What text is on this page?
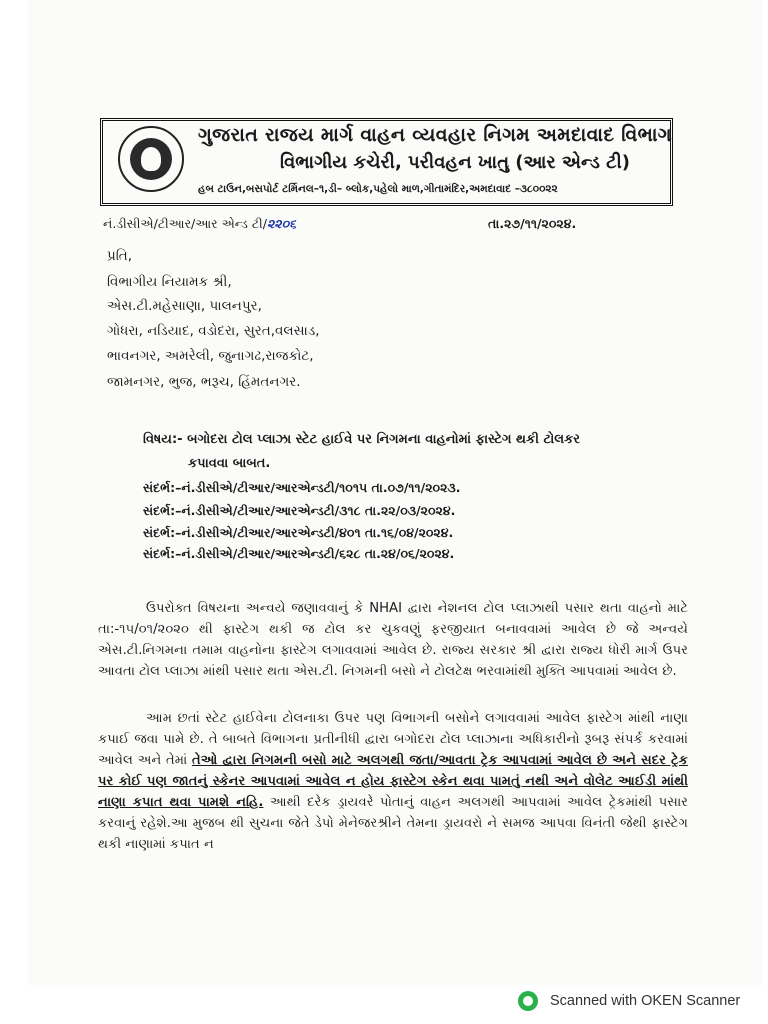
ગુજરાત રાજય માર્ગ વાહન વ્યવહાર નિગમ અમદાવાદ વિભાગ
વિભાગીય કચેરી, પરીવહન ખાતુ (આર એન્ડ ટી)
હબ ટાઉન,બસપોર્ટ ટર્મિનલ–૧,ડી– બ્લોક,પહેલો માળ,ગીતામંદિર,અમદાવાદ –૩૮૦૦૨૨
નં.ડીસીએ/ટીઆર/આર એન્ડ ટી/૨૨૦૬	તા.૨૭/૧૧/૨૦૨૪.
પ્રતિ,
વિભાગીય નિયામક શ્રી,
એસ.ટી.મહેસાણા, પાલનપુર,
ગોધરા, નડિયાદ, વડોદરા, સુરત,વલસાડ,
ભાવનગર, અમરેલી, જુનાગઢ,રાજકોટ,
જામનગર, ભુજ, ભરૂચ, હિંમતનગર.
વિષય:- બગોદરા ટોલ પ્લાઝા સ્ટેટ હાઈવે પર નિગમના વાહનોમાં ફાસ્ટેગ થકી ટોલકર
કપાવવા બાબત.
સંદર્ભ:–નં.ડીસીએ/ટીઆર/આરએન્ડટી/૧૦૧૫ તા.૦૭/૧૧/૨૦૨૩.
સંદર્ભ:–નં.ડીસીએ/ટીઆર/આરએન્ડટી/૩૧૮ તા.૨૨/૦૩/૨૦૨૪.
સંદર્ભ:–નં.ડીસીએ/ટીઆર/આરએન્ડટી/૪૦૧ તા.૧૬/૦૪/૨૦૨૪.
સંદર્ભ:–નં.ડીસીએ/ટીઆર/આરએન્ડટી/૬૨૮ તા.૨૪/૦૬/૨૦૨૪.

ઉપરોક્ત વિષયના અન્વયે જણાવવાનું કે NHAI દ્વારા નેશનલ ટોલ પ્લાઝાથી પસાર થતા વાહનો માટે તા:-૧૫/૦૧/૨૦૨૦ થી ફાસ્ટેગ થકી જ ટોલ કર ચુકવણું ફરજીયાત બનાવવામાં આવેલ છે જે અન્વયે એસ.ટી.નિગમના તમામ વાહનોના ફાસ્ટેગ લગાવવામાં આવેલ છે. રાજ્ય સરકાર શ્રી દ્વારા રાજ્ય ધોરી માર્ગ ઉપર આવતા ટોલ પ્લાઝા માંથી પસાર થતા એસ.ટી. નિગમની બસો ને ટોલટેક્ષ ભરવામાંથી મુક્તિ આપવામાં આવેલ છે.

આમ છતાં સ્ટેટ હાઈવેના ટોલનાકા ઉપર પણ વિભાગની બસોને લગાવવામાં આવેલ ફાસ્ટેગ માંથી નાણા કપાઈ જવા પામે છે. તે બાબતે વિભાગના પ્રતીનીધી દ્વારા બગોદરા ટોલ પ્લાઝાના અધિકારીનો રૂબરૂ સંપર્ક કરવામાં આવેલ અને તેમાં તેઓ દ્વારા નિગમની બસો માટે અલગથી જતા/આવતા ટ્રેક આપવામાં આવેલ છે અને સદર ટ્રેક પર કોઈ પણ જાતનું સ્કેનર આપવામાં આવેલ ન હોય ફાસ્ટેગ સ્કેન થવા પામતું નથી અને વોલેટ આઈડી માંથી નાણા કપાત થવા પામશે નહિ. આથી દરેક ડ્રાયવરે પોતાનું વાહન અલગથી આપવામાં આવેલ ટ્રેકમાંથી પસાર કરવાનું રહેશે.આ મુજબ થી સુચના જેતે ડેપો મેનેજરશ્રીને તેમના ડ્રાયવરો ને સમજ આપવા વિનંતી જેથી ફાસ્ટેગ થકી નાણામાં કપાત ન

Scanned with OKEN Scanner
